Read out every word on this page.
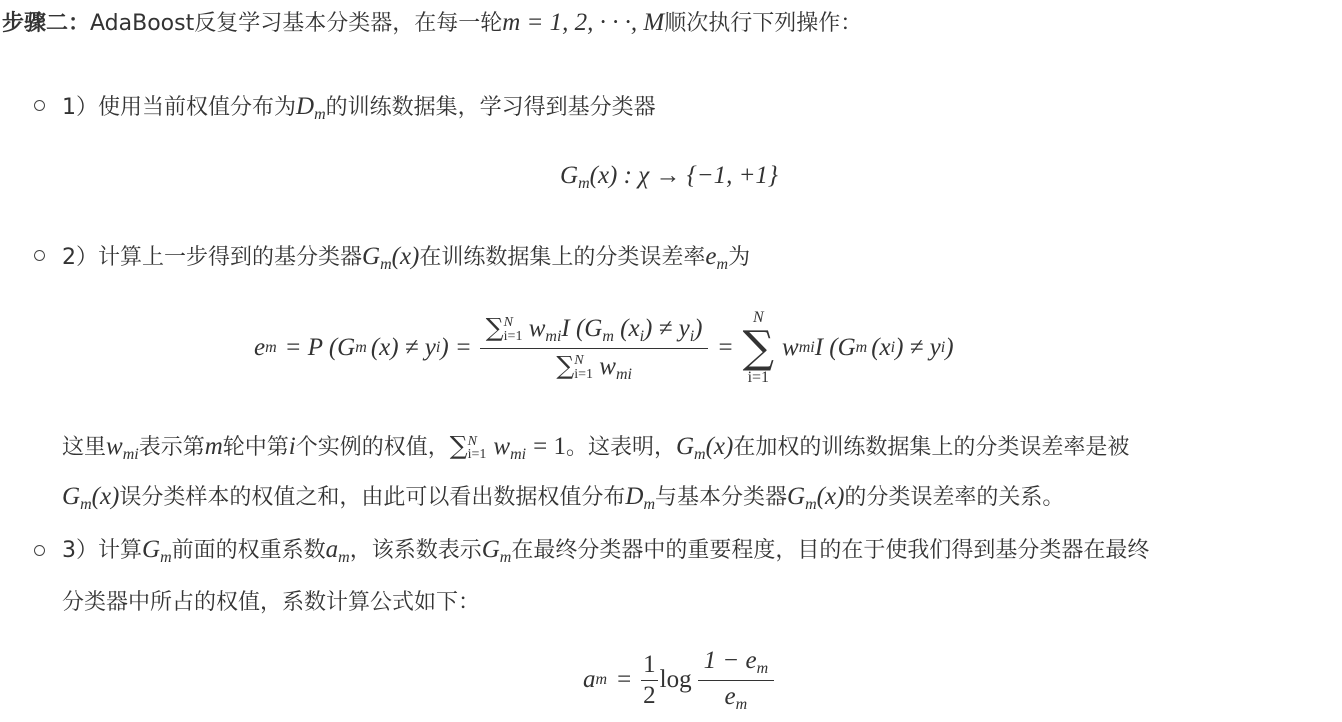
步骤二：AdaBoost反复学习基本分类器，在每一轮m = 1, 2, · · ·, M顺次执行下列操作：
1）使用当前权值分布为$D_m$的训练数据集，学习得到基分类器
$G_m(x)$ : χ → {−1, +1}
2）计算上一步得到的基分类器$G_m(x)$在训练数据集上的分类误差率$e_m$为
e m = P (G m (x) ≠ y i ) = ∑ N
i=1 $w_{mi}I$ ($G_m$ $(x_i) \ne y_i$)
∑ N
i=1 $w_{mi}$ =
N
∑
i=1
w mi I (G m (x i ) ≠ y i )
这里$w_{mi}$表示第m轮中第i个实例的权值，∑ N
i=1 $w_{mi} = 1$。这表明，$G_m(x)$在加权的训练数据集上的分类误差率是被
$G_m(x)$误分类样本的权值之和，由此可以看出数据权值分布$D_m$与基本分类器$G_m(x)$的分类误差率的关系。
3）计算$G_m$前面的权重系数$a_m$，该系数表示$G_m$在最终分类器中的重要程度，目的在于使我们得到基分类器在最终
分类器中所占的权值，系数计算公式如下：
a $m = \frac{1}{2}$ $\log \frac{1 - e_m}{e_m}$
